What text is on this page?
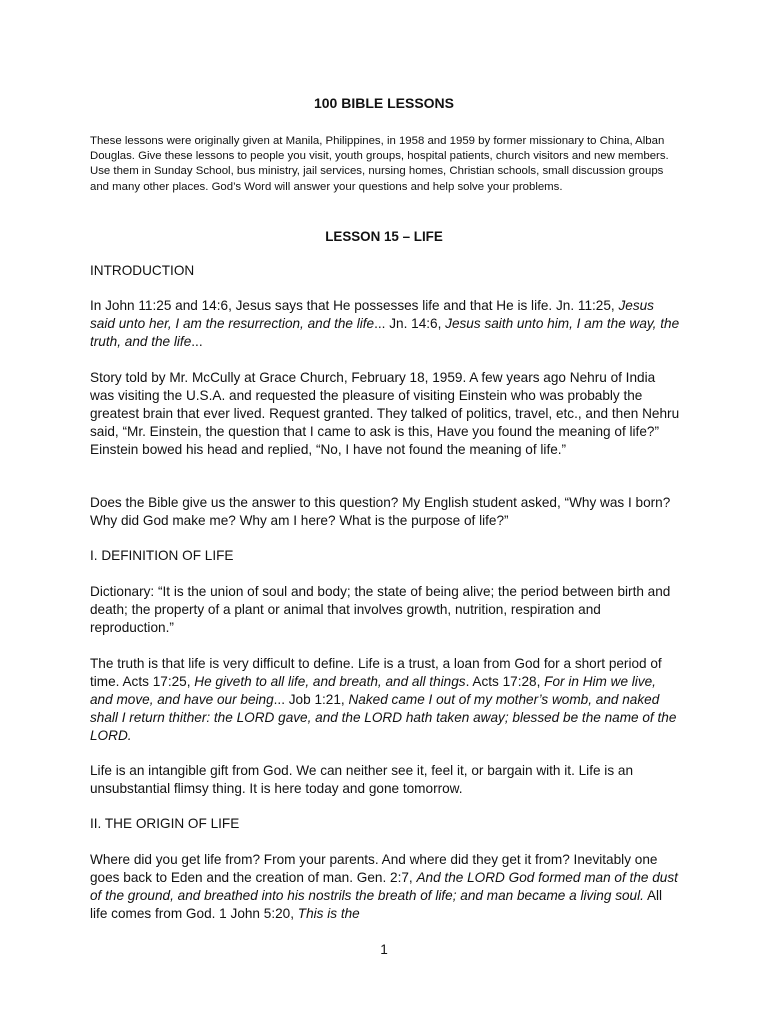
100 BIBLE LESSONS

These lessons were originally given at Manila, Philippines, in 1958 and 1959 by former missionary to China, Alban Douglas. Give these lessons to people you visit, youth groups, hospital patients, church visitors and new members. Use them in Sunday School, bus ministry, jail services, nursing homes, Christian schools, small discussion groups and many other places. God’s Word will answer your questions and help solve your problems.

LESSON 15 – LIFE

INTRODUCTION

In John 11:25 and 14:6, Jesus says that He possesses life and that He is life. Jn. 11:25, Jesus said unto her, I am the resurrection, and the life... Jn. 14:6, Jesus saith unto him, I am the way, the truth, and the life...

Story told by Mr. McCully at Grace Church, February 18, 1959. A few years ago Nehru of India was visiting the U.S.A. and requested the pleasure of visiting Einstein who was probably the greatest brain that ever lived. Request granted. They talked of politics, travel, etc., and then Nehru said, “Mr. Einstein, the question that I came to ask is this, Have you found the meaning of life?” Einstein bowed his head and replied, “No, I have not found the meaning of life.”

Does the Bible give us the answer to this question? My English student asked, “Why was I born? Why did God make me? Why am I here? What is the purpose of life?”

I. DEFINITION OF LIFE

Dictionary: “It is the union of soul and body; the state of being alive; the period between birth and death; the property of a plant or animal that involves growth, nutrition, respiration and reproduction.”

The truth is that life is very difficult to define. Life is a trust, a loan from God for a short period of time. Acts 17:25, He giveth to all life, and breath, and all things. Acts 17:28, For in Him we live, and move, and have our being... Job 1:21, Naked came I out of my mother’s womb, and naked shall I return thither: the LORD gave, and the LORD hath taken away; blessed be the name of the LORD.

Life is an intangible gift from God. We can neither see it, feel it, or bargain with it. Life is an unsubstantial flimsy thing. It is here today and gone tomorrow.

II. THE ORIGIN OF LIFE

Where did you get life from? From your parents. And where did they get it from? Inevitably one goes back to Eden and the creation of man. Gen. 2:7, And the LORD God formed man of the dust of the ground, and breathed into his nostrils the breath of life; and man became a living soul. All life comes from God. 1 John 5:20, This is the

1
